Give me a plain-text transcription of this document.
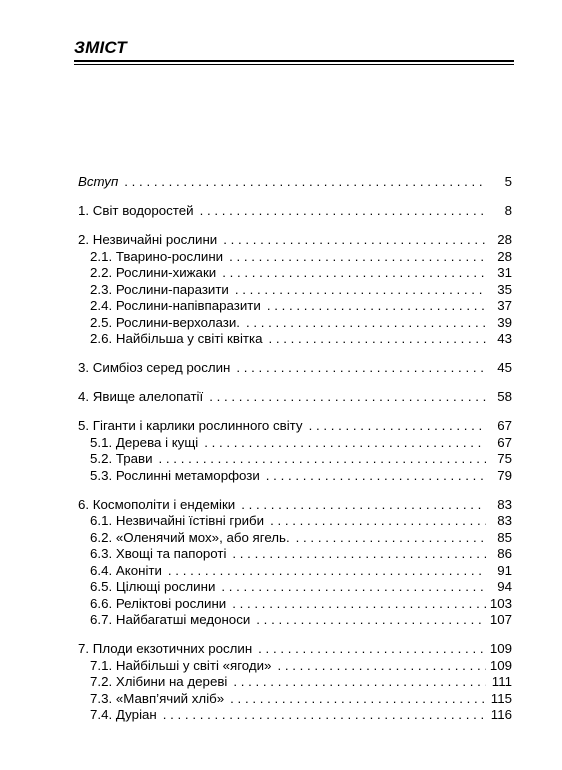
ЗМІСТ
Вступ . . .	5
1. Світ водоростей . . .	8
2. Незвичайні рослини . . .	28
2.1. Тварино-рослини . . .	28
2.2. Рослини-хижаки . . .	31
2.3. Рослини-паразити . . .	35
2.4. Рослини-напівпаразити . . .	37
2.5. Рослини-верхолази. . . .	39
2.6. Найбільша у світі квітка . . .	43
3. Симбіоз серед рослин . . .	45
4. Явище алелопатії . . .	58
5. Гіганти і карлики рослинного світу . . .	67
5.1. Дерева і кущі . . .	67
5.2. Трави . . .	75
5.3. Рослинні метаморфози . . .	79
6. Космополіти і ендеміки . . .	83
6.1. Незвичайні їстівні гриби . . .	83
6.2. «Оленячий мох», або ягель. . . .	85
6.3. Хвощі та папороті . . .	86
6.4. Аконіти . . .	91
6.5. Цілющі рослини . . .	94
6.6. Реліктові рослини . . .	103
6.7. Найбагатші медоноси . . .	107
7. Плоди екзотичних рослин . . .	109
7.1. Найбільші у світі «ягоди» . . .	109
7.2. Хлібини на дереві . . .	111
7.3. «Мавп’ячий хліб» . . .	115
7.4. Дуріан . . .	116
